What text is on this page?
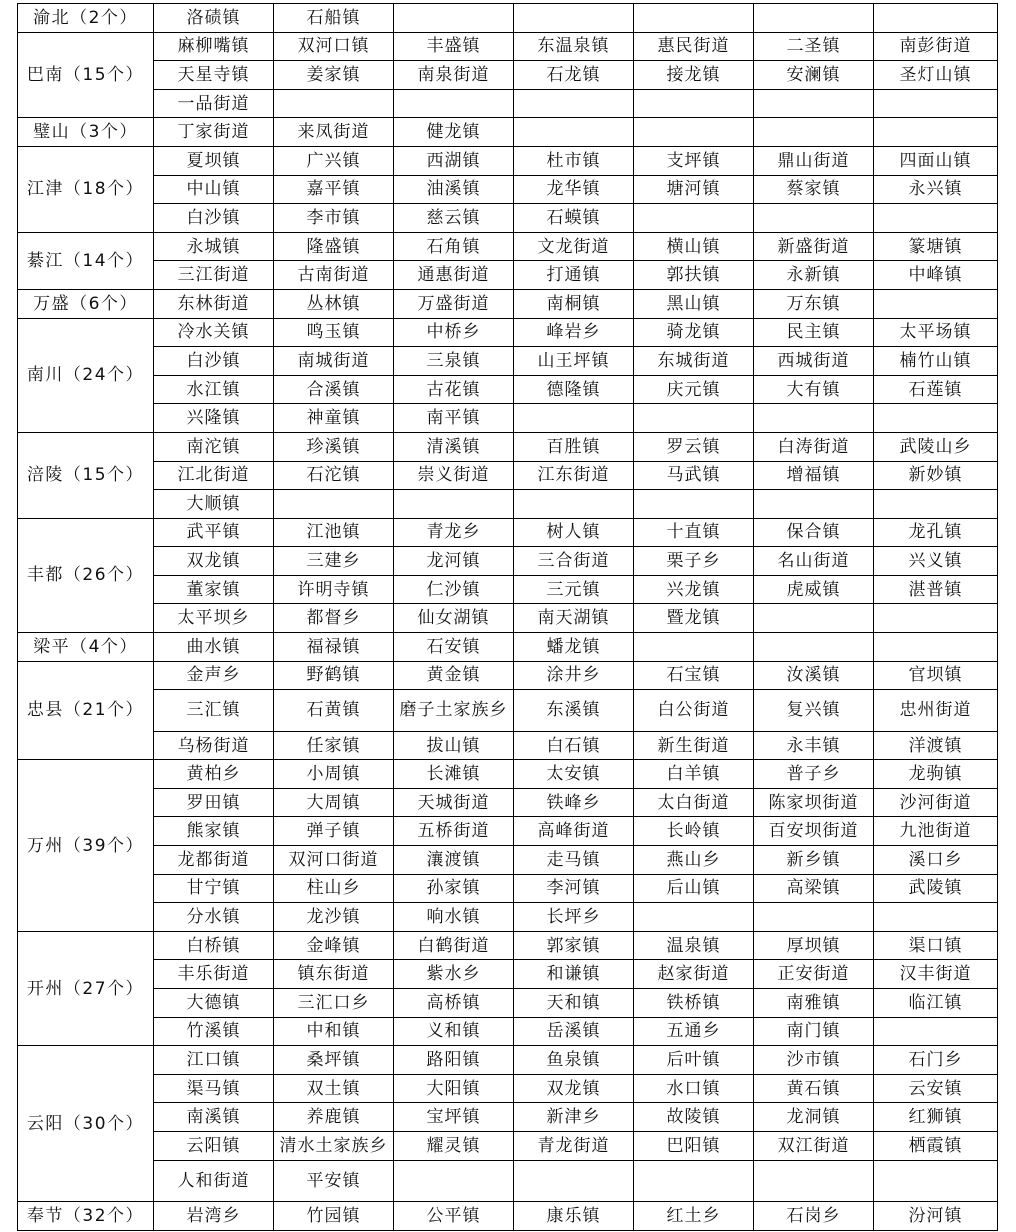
渝北（2个）	洛碛镇	石船镇					
巴南（15个）	麻柳嘴镇	双河口镇	丰盛镇	东温泉镇	惠民街道	二圣镇	南彭街道
	天星寺镇	姜家镇	南泉街道	石龙镇	接龙镇	安澜镇	圣灯山镇
	一品街道						
璧山（3个）	丁家街道	来凤街道	健龙镇				
江津（18个）	夏坝镇	广兴镇	西湖镇	杜市镇	支坪镇	鼎山街道	四面山镇
	中山镇	嘉平镇	油溪镇	龙华镇	塘河镇	蔡家镇	永兴镇
	白沙镇	李市镇	慈云镇	石蟆镇			
綦江（14个）	永城镇	隆盛镇	石角镇	文龙街道	横山镇	新盛街道	篆塘镇
	三江街道	古南街道	通惠街道	打通镇	郭扶镇	永新镇	中峰镇
万盛（6个）	东林街道	丛林镇	万盛街道	南桐镇	黑山镇	万东镇	
南川（24个）	冷水关镇	鸣玉镇	中桥乡	峰岩乡	骑龙镇	民主镇	太平场镇
	白沙镇	南城街道	三泉镇	山王坪镇	东城街道	西城街道	楠竹山镇
	水江镇	合溪镇	古花镇	德隆镇	庆元镇	大有镇	石莲镇
	兴隆镇	神童镇	南平镇				
涪陵（15个）	南沱镇	珍溪镇	清溪镇	百胜镇	罗云镇	白涛街道	武陵山乡
	江北街道	石沱镇	崇义街道	江东街道	马武镇	增福镇	新妙镇
	大顺镇						
丰都（26个）	武平镇	江池镇	青龙乡	树人镇	十直镇	保合镇	龙孔镇
	双龙镇	三建乡	龙河镇	三合街道	栗子乡	名山街道	兴义镇
	董家镇	许明寺镇	仁沙镇	三元镇	兴龙镇	虎威镇	湛普镇
	太平坝乡	都督乡	仙女湖镇	南天湖镇	暨龙镇		
梁平（4个）	曲水镇	福禄镇	石安镇	蟠龙镇			
忠县（21个）	金声乡	野鹤镇	黄金镇	涂井乡	石宝镇	汝溪镇	官坝镇
	三汇镇	石黄镇	磨子土家族乡	东溪镇	白公街道	复兴镇	忠州街道
	乌杨街道	任家镇	拔山镇	白石镇	新生街道	永丰镇	洋渡镇
万州（39个）	黄柏乡	小周镇	长滩镇	太安镇	白羊镇	普子乡	龙驹镇
	罗田镇	大周镇	天城街道	铁峰乡	太白街道	陈家坝街道	沙河街道
	熊家镇	弹子镇	五桥街道	高峰街道	长岭镇	百安坝街道	九池街道
	龙都街道	双河口街道	瀼渡镇	走马镇	燕山乡	新乡镇	溪口乡
	甘宁镇	柱山乡	孙家镇	李河镇	后山镇	高梁镇	武陵镇
	分水镇	龙沙镇	响水镇	长坪乡			
开州（27个）	白桥镇	金峰镇	白鹤街道	郭家镇	温泉镇	厚坝镇	渠口镇
	丰乐街道	镇东街道	紫水乡	和谦镇	赵家街道	正安街道	汉丰街道
	大德镇	三汇口乡	高桥镇	天和镇	铁桥镇	南雅镇	临江镇
	竹溪镇	中和镇	义和镇	岳溪镇	五通乡	南门镇	
云阳（30个）	江口镇	桑坪镇	路阳镇	鱼泉镇	后叶镇	沙市镇	石门乡
	渠马镇	双土镇	大阳镇	双龙镇	水口镇	黄石镇	云安镇
	南溪镇	养鹿镇	宝坪镇	新津乡	故陵镇	龙洞镇	红狮镇
	云阳镇	清水土家族乡	耀灵镇	青龙街道	巴阳镇	双江街道	栖霞镇
	人和街道	平安镇					
奉节（32个）	岩湾乡	竹园镇	公平镇	康乐镇	红土乡	石岗乡	汾河镇
